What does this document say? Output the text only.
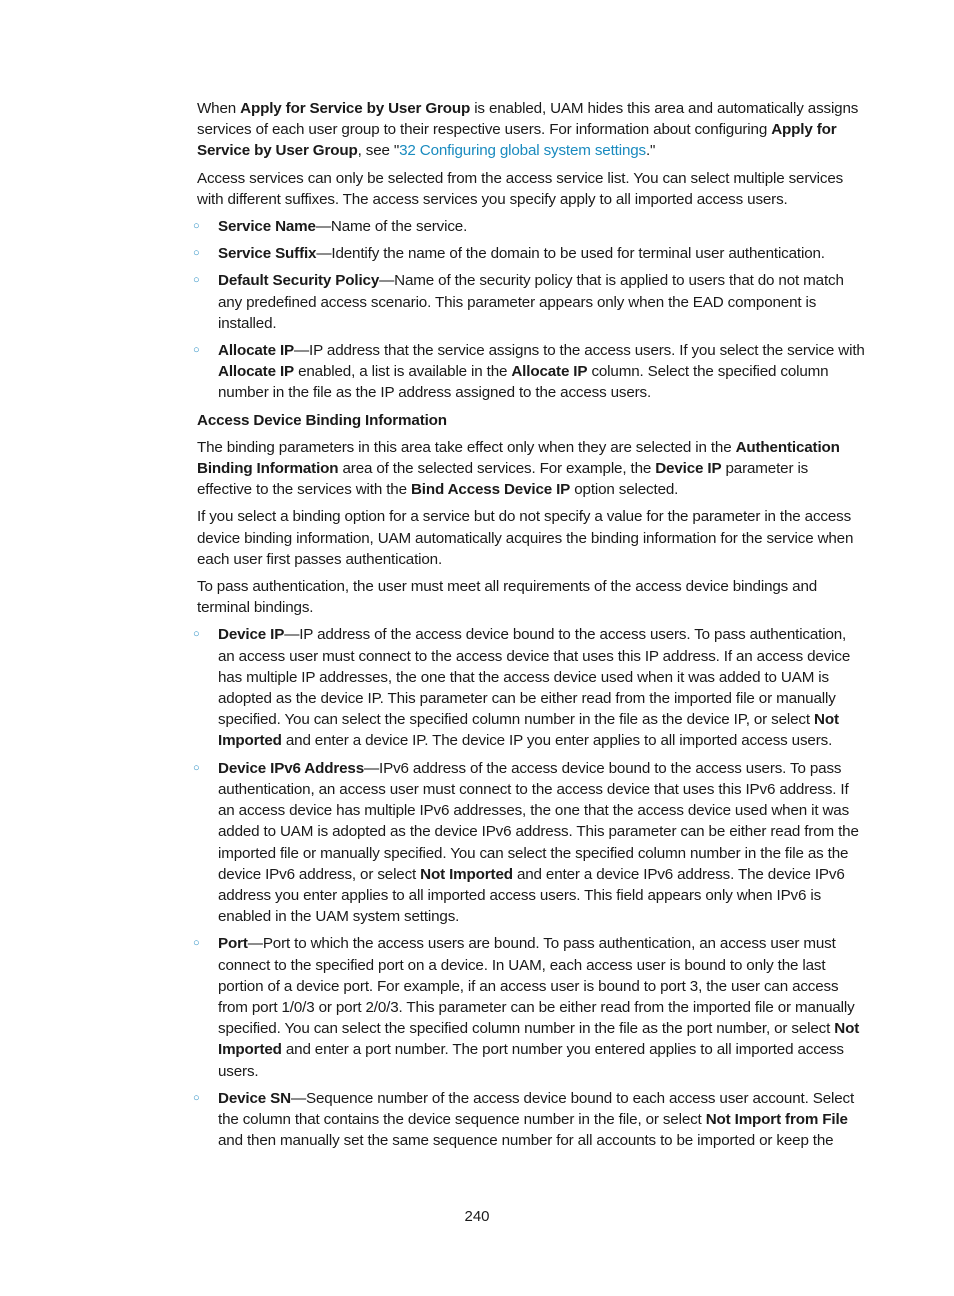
When Apply for Service by User Group is enabled, UAM hides this area and automatically assigns services of each user group to their respective users. For information about configuring Apply for Service by User Group, see "32 Configuring global system settings."

Access services can only be selected from the access service list. You can select multiple services with different suffixes. The access services you specify apply to all imported access users.

○ Service Name—Name of the service.
○ Service Suffix—Identify the name of the domain to be used for terminal user authentication.
○ Default Security Policy—Name of the security policy that is applied to users that do not match any predefined access scenario. This parameter appears only when the EAD component is installed.
○ Allocate IP—IP address that the service assigns to the access users. If you select the service with Allocate IP enabled, a list is available in the Allocate IP column. Select the specified column number in the file as the IP address assigned to the access users.
Access Device Binding Information

The binding parameters in this area take effect only when they are selected in the Authentication Binding Information area of the selected services. For example, the Device IP parameter is effective to the services with the Bind Access Device IP option selected.

If you select a binding option for a service but do not specify a value for the parameter in the access device binding information, UAM automatically acquires the binding information for the service when each user first passes authentication.

To pass authentication, the user must meet all requirements of the access device bindings and terminal bindings.

○ Device IP—IP address of the access device bound to the access users. To pass authentication, an access user must connect to the access device that uses this IP address. If an access device has multiple IP addresses, the one that the access device used when it was added to UAM is adopted as the device IP. This parameter can be either read from the imported file or manually specified. You can select the specified column number in the file as the device IP, or select Not Imported and enter a device IP. The device IP you enter applies to all imported access users.
○ Device IPv6 Address—IPv6 address of the access device bound to the access users. To pass authentication, an access user must connect to the access device that uses this IPv6 address. If an access device has multiple IPv6 addresses, the one that the access device used when it was added to UAM is adopted as the device IPv6 address. This parameter can be either read from the imported file or manually specified. You can select the specified column number in the file as the device IPv6 address, or select Not Imported and enter a device IPv6 address. The device IPv6 address you enter applies to all imported access users. This field appears only when IPv6 is enabled in the UAM system settings.
○ Port—Port to which the access users are bound. To pass authentication, an access user must connect to the specified port on a device. In UAM, each access user is bound to only the last portion of a device port. For example, if an access user is bound to port 3, the user can access from port 1/0/3 or port 2/0/3. This parameter can be either read from the imported file or manually specified. You can select the specified column number in the file as the port number, or select Not Imported and enter a port number. The port number you entered applies to all imported access users.
○ Device SN—Sequence number of the access device bound to each access user account. Select the column that contains the device sequence number in the file, or select Not Import from File and then manually set the same sequence number for all accounts to be imported or keep the
240
